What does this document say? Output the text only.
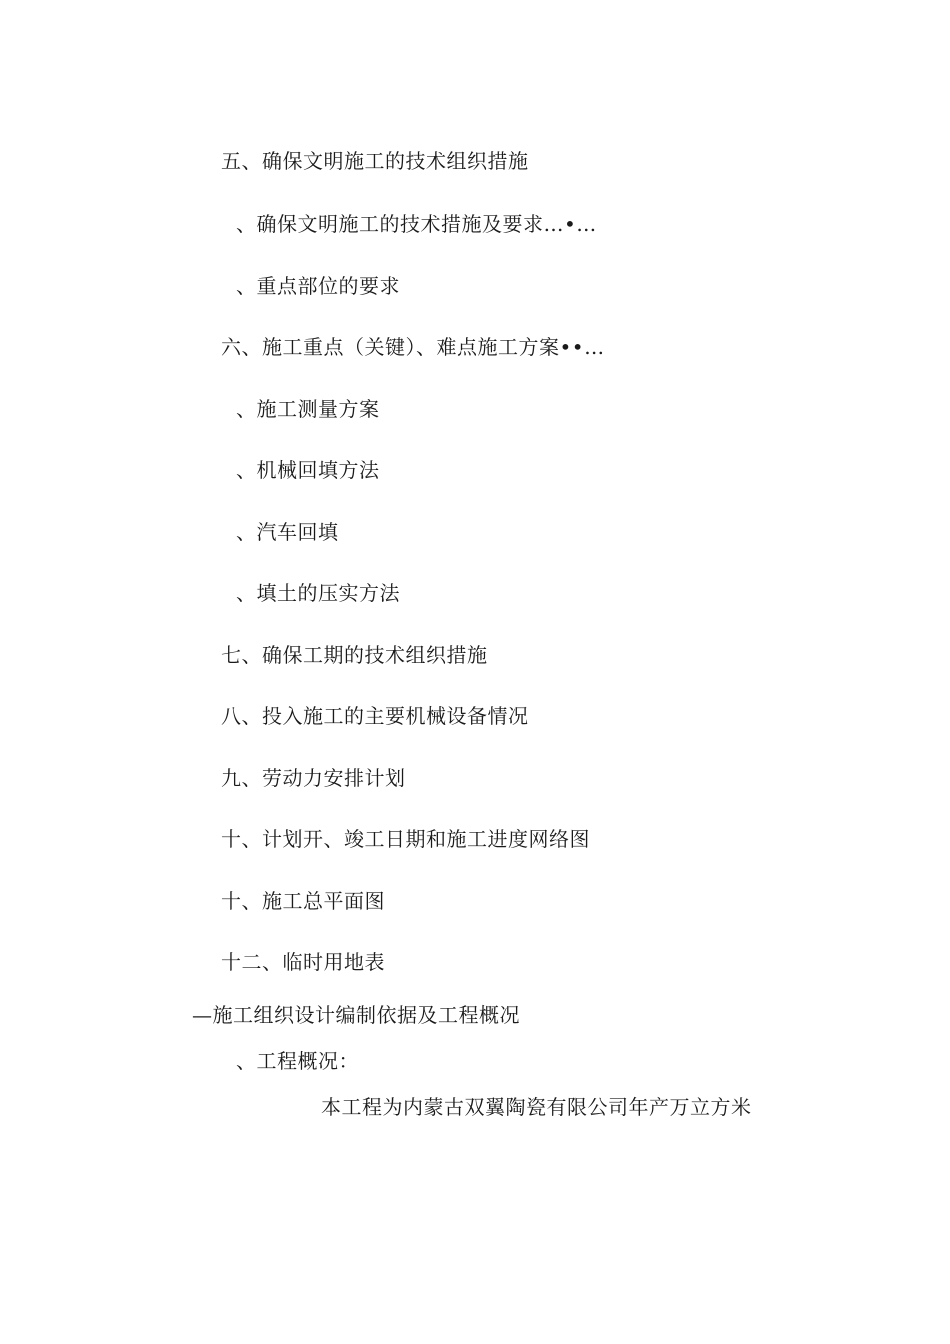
五、确保文明施工的技术组织措施
、确保文明施工的技术措施及要求…•…
、重点部位的要求
六、施工重点（关键）、难点施工方案••…
、施工测量方案
、机械回填方法
、汽车回填
、填土的压实方法
七、确保工期的技术组织措施
八、投入施工的主要机械设备情况
九、劳动力安排计划
十、计划开、竣工日期和施工进度网络图
十、施工总平面图
十二、临时用地表
—施工组织设计编制依据及工程概况
、工程概况：
本工程为内蒙古双翼陶瓷有限公司年产万立方米
